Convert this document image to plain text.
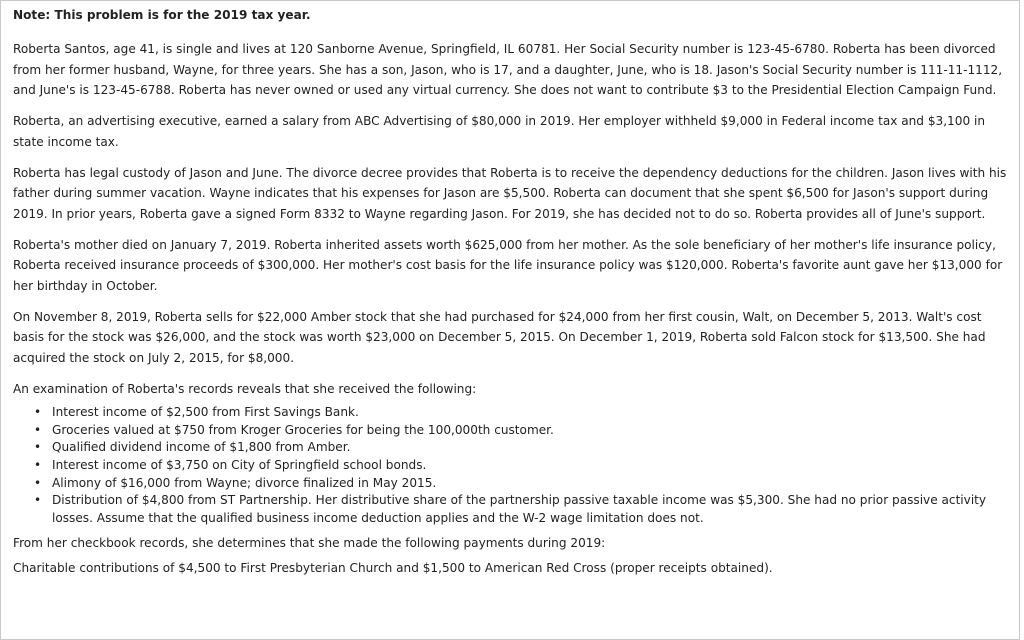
Note: This problem is for the 2019 tax year.

Roberta Santos, age 41, is single and lives at 120 Sanborne Avenue, Springfield, IL 60781. Her Social Security number is 123-45-6780. Roberta has been divorced from her former husband, Wayne, for three years. She has a son, Jason, who is 17, and a daughter, June, who is 18. Jason's Social Security number is 111-11-1112, and June's is 123-45-6788. Roberta has never owned or used any virtual currency. She does not want to contribute $3 to the Presidential Election Campaign Fund.

Roberta, an advertising executive, earned a salary from ABC Advertising of $80,000 in 2019. Her employer withheld $9,000 in Federal income tax and $3,100 in state income tax.

Roberta has legal custody of Jason and June. The divorce decree provides that Roberta is to receive the dependency deductions for the children. Jason lives with his father during summer vacation. Wayne indicates that his expenses for Jason are $5,500. Roberta can document that she spent $6,500 for Jason's support during 2019. In prior years, Roberta gave a signed Form 8332 to Wayne regarding Jason. For 2019, she has decided not to do so. Roberta provides all of June's support.

Roberta's mother died on January 7, 2019. Roberta inherited assets worth $625,000 from her mother. As the sole beneficiary of her mother's life insurance policy, Roberta received insurance proceeds of $300,000. Her mother's cost basis for the life insurance policy was $120,000. Roberta's favorite aunt gave her $13,000 for her birthday in October.

On November 8, 2019, Roberta sells for $22,000 Amber stock that she had purchased for $24,000 from her first cousin, Walt, on December 5, 2013. Walt's cost basis for the stock was $26,000, and the stock was worth $23,000 on December 5, 2015. On December 1, 2019, Roberta sold Falcon stock for $13,500. She had acquired the stock on July 2, 2015, for $8,000.

An examination of Roberta's records reveals that she received the following:

• Interest income of $2,500 from First Savings Bank.
• Groceries valued at $750 from Kroger Groceries for being the 100,000th customer.
• Qualified dividend income of $1,800 from Amber.
• Interest income of $3,750 on City of Springfield school bonds.
• Alimony of $16,000 from Wayne; divorce finalized in May 2015.
• Distribution of $4,800 from ST Partnership. Her distributive share of the partnership passive taxable income was $5,300. She had no prior passive activity losses. Assume that the qualified business income deduction applies and the W-2 wage limitation does not.

From her checkbook records, she determines that she made the following payments during 2019:

Charitable contributions of $4,500 to First Presbyterian Church and $1,500 to American Red Cross (proper receipts obtained).
